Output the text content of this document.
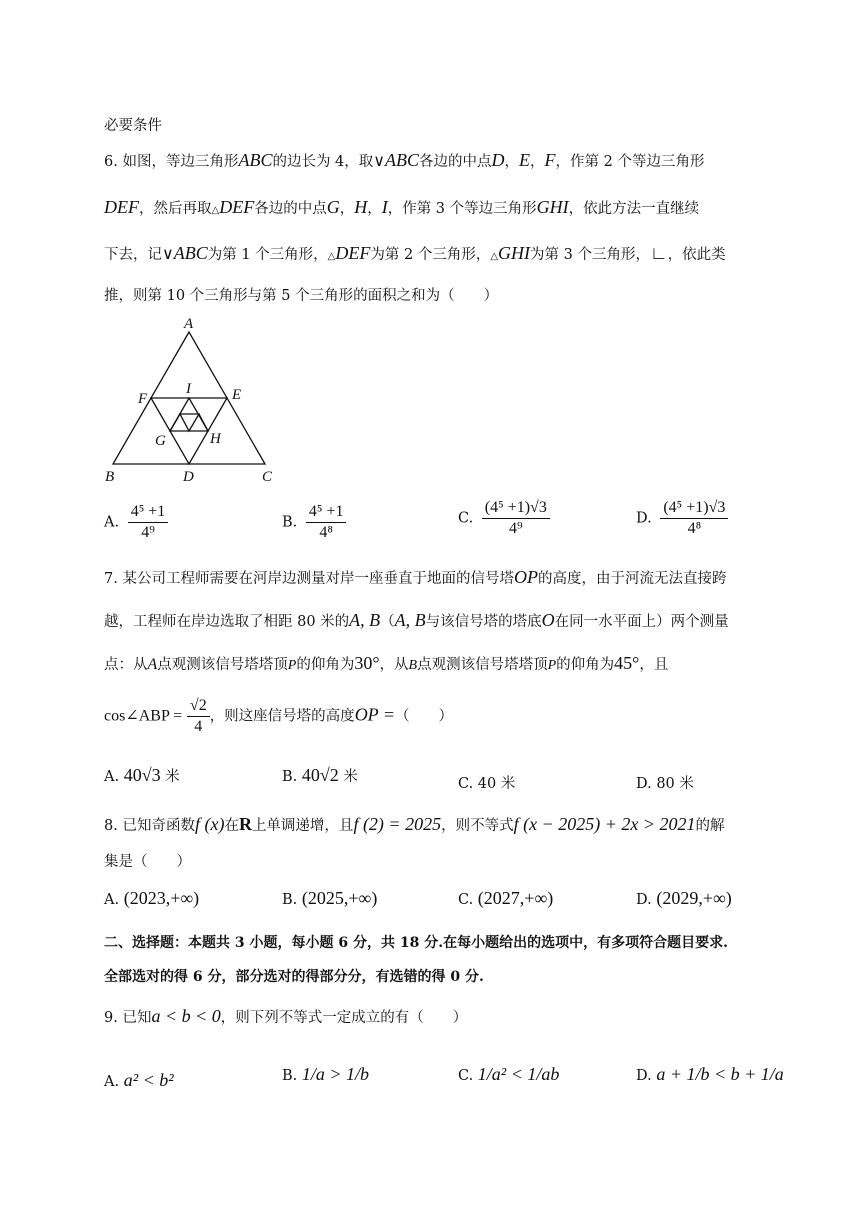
必要条件
6. 如图，等边三角形ABC的边长为 4，取∨ABC各边的中点D，E，F，作第 2 个等边三角形
DEF，然后再取△DEF各边的中点G，H，I，作第 3 个等边三角形GHI，依此方法一直继续
下去，记∨ABC为第 1 个三角形，△DEF为第 2 个三角形，△GHI为第 3 个三角形，∟，依此类
推，则第 10 个三角形与第 5 个三角形的面积之和为（　　）
A
B	C
D
E
F
G	H
I
A. $\frac{\text{4⁵ +1}}{\text{4⁹}}$	B. $\frac{\text{4⁵ +1}}{\text{4⁸}}$	C. $\frac{\text{(4⁵ +1)√3}}{\text{4⁹}}$	D. $\frac{\text{(4⁵ +1)√3}}{\text{4⁸}}$
7. 某公司工程师需要在河岸边测量对岸一座垂直于地面的信号塔OP的高度，由于河流无法直接跨
越，工程师在岸边选取了相距 80 米的A, B（A, B与该信号塔的塔底O在同一水平面上）两个测量
点：从A点观测该信号塔塔顶P的仰角为30°，从B点观测该信号塔塔顶P的仰角为45°，且
cos∠ABP = $\frac{√2}{4}$ ，则这座信号塔的高度OP =（　　）
A. 40√3 米	B. 40√2 米	C. 40 米	D. 80 米
8. 已知奇函数f (x)在R上单调递增，且f (2) = 2025，则不等式f (x − 2025) + 2x > 2021的解
集是（　　）
A. (2023,+∞)	B. (2025,+∞)	C. (2027,+∞)	D. (2029,+∞)
二、选择题：本题共 3 小题，每小题 6 分，共 18 分.在每小题给出的选项中，有多项符合题目要求.
全部选对的得 6 分，部分选对的得部分分，有选错的得 0 分.
9. 已知a < b < 0，则下列不等式一定成立的有（　　）
A. a² < b²	B. 1/a > 1/b	C. 1/a² < 1/ab	D. a + 1/b < b + 1/a
